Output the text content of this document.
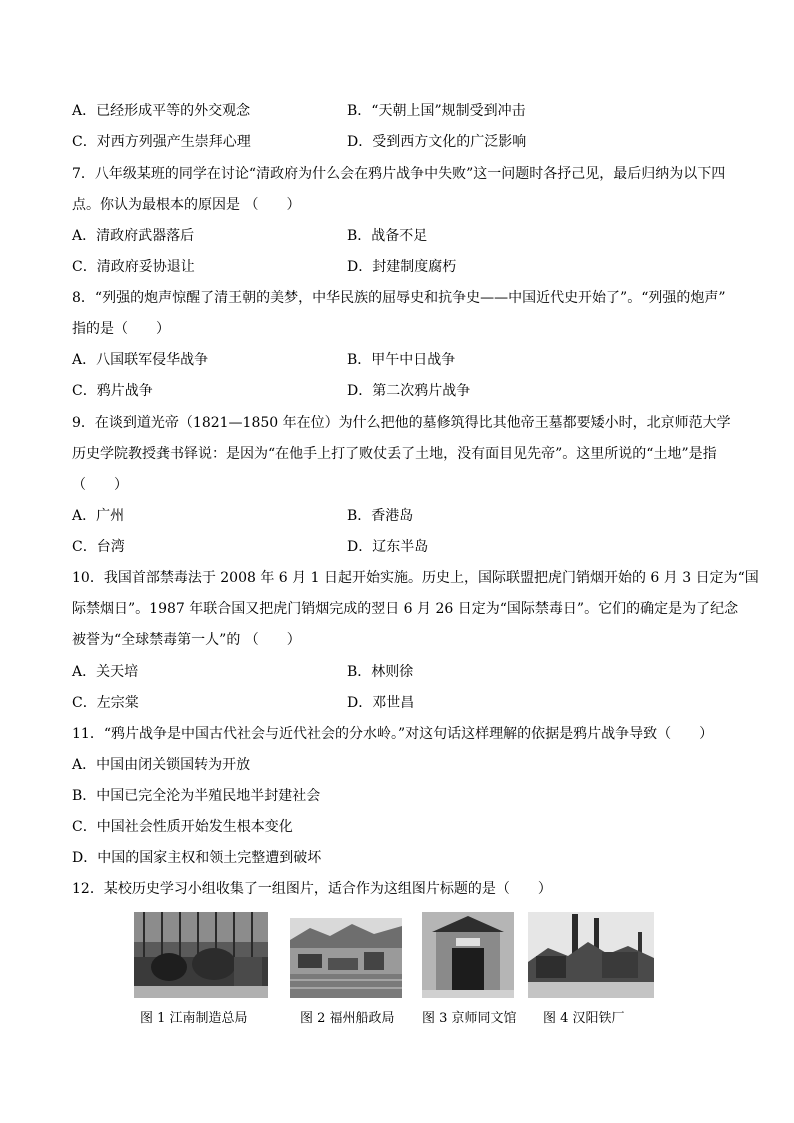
A．已经形成平等的外交观念	B．“天朝上国”规制受到冲击
C．对西方列强产生崇拜心理	D．受到西方文化的广泛影响
7．八年级某班的同学在讨论“清政府为什么会在鸦片战争中失败”这一问题时各抒己见，最后归纳为以下四
点。你认为最根本的原因是 （　　）
A．清政府武器落后	B．战备不足
C．清政府妥协退让	D．封建制度腐朽
8．“列强的炮声惊醒了清王朝的美梦，中华民族的屈辱史和抗争史——中国近代史开始了”。“列强的炮声”
指的是（　　）
A．八国联军侵华战争	B．甲午中日战争
C．鸦片战争	D．第二次鸦片战争
9．在谈到道光帝（1821—1850 年在位）为什么把他的墓修筑得比其他帝王墓都要矮小时，北京师范大学
历史学院教授龚书铎说：是因为“在他手上打了败仗丢了土地，没有面目见先帝”。这里所说的“土地”是指
（　　）
A．广州	B．香港岛
C．台湾	D．辽东半岛
10．我国首部禁毒法于 2008 年 6 月 1 日起开始实施。历史上，国际联盟把虎门销烟开始的 6 月 3 日定为“国
际禁烟日”。1987 年联合国又把虎门销烟完成的翌日 6 月 26 日定为“国际禁毒日”。它们的确定是为了纪念
被誉为“全球禁毒第一人”的 （　　）
A．关天培	B．林则徐
C．左宗棠	D．邓世昌
11．“鸦片战争是中国古代社会与近代社会的分水岭。”对这句话这样理解的依据是鸦片战争导致（　　）
A．中国由闭关锁国转为开放
B．中国已完全沦为半殖民地半封建社会
C．中国社会性质开始发生根本变化
D．中国的国家主权和领土完整遭到破坏
12．某校历史学习小组收集了一组图片，适合作为这组图片标题的是（　　）
图 1 江南制造总局	图 2 福州船政局 图 3 京师同文馆 图 4 汉阳铁厂
